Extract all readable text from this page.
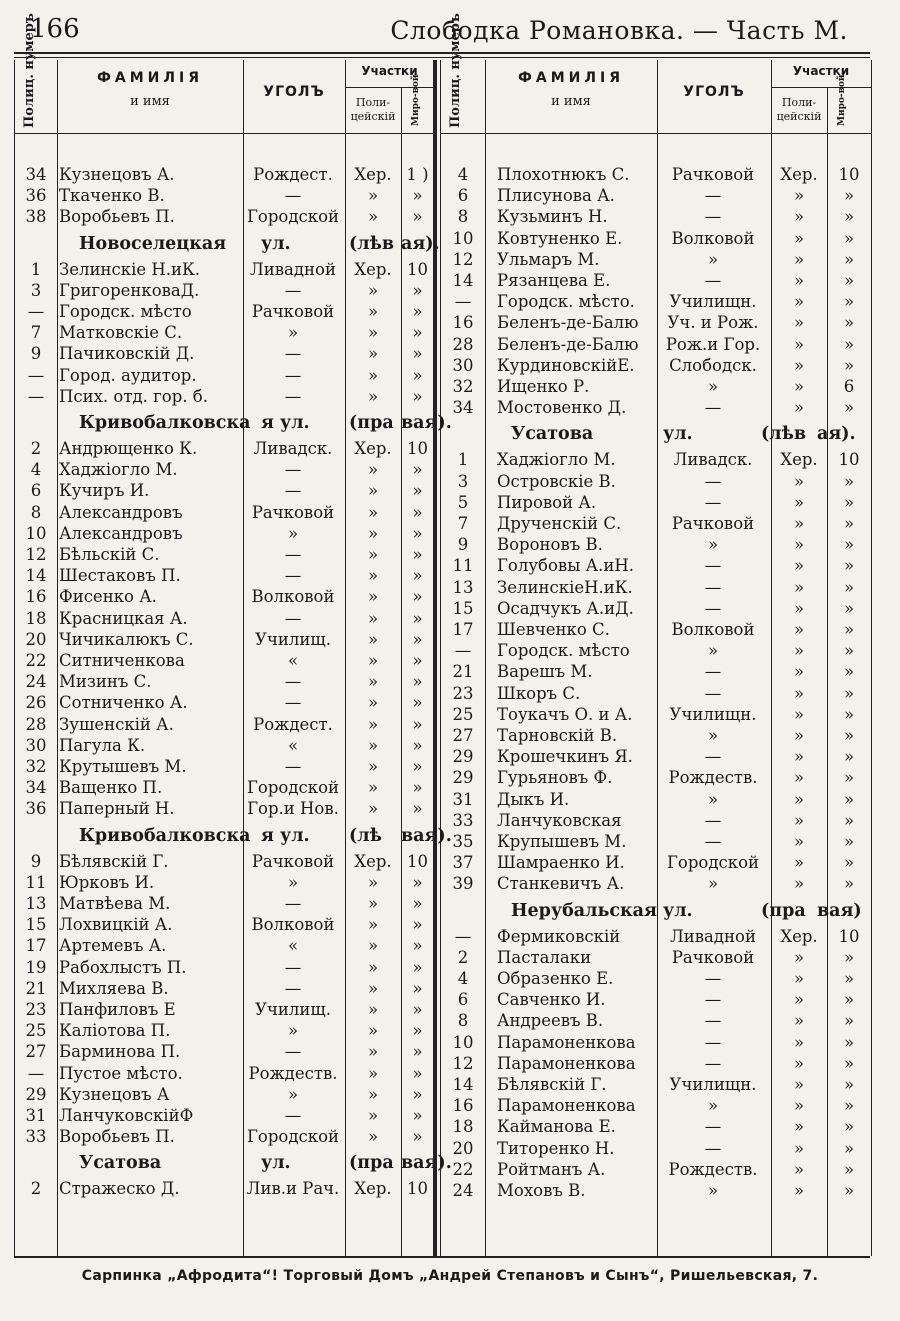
166	Слободка Романовка. — Часть М.
Полиц. нумеръ	ФАМИЛІЯ
и имя
УГОЛЪ
Участки
Поли-
цейскій	Миро-вой
34 Кузнецовъ А.	Рождест.	Хер. 1 )
36 Ткаченко В.	—	»	»
38 Воробьевъ П.	Городской	»	»
Новоселецкая ул.	(лѣв ая).
1	Зелинскіе Н.иК.	Ливадной	Хер. 10
3	ГригоренковаД.	—	»	»
— Городск. мѣсто	Рачковой	»	»
7	Матковскіе С.	»	»	»
9	Пачиковскій Д.	—	»	»
— Город. аудитор.	—	»	»
— Псих. отд. гор. б.	—	»	»
Кривобалковска я ул. (пра вая).
2	Андрющенко К.	Ливадск.	Хер. 10
4	Хаджіогло М.	—	»	»
6	Кучиръ И.	—	»	»
8	Александровъ	Рачковой	»	»
10 Александровъ	»	»	»
12 Бѣльскій С.	—	»	»
14 Шестаковъ П.	—	»	»
16 Фисенко А.	Волковой	»	»
18 Красницкая А.	—	»	»
20 Чичикалюкъ С.	Училищ.	»	»
22 Ситниченкова	«	»	»
24 Мизинъ С.	—	»	»
26 Сотниченко А.	—	»	»
28 Зушенскій А.	Рождест.	»	»
30 Пагула К.	«	»	»
32 Крутышевъ М.	—	»	»
34 Ващенко П.	Городской	»	»
36 Паперный Н.	Гор.и Нов.	»	»
Кривобалковска я ул. (лѣ вая).
9	Бѣлявскій Г.	Рачковой	Хер. 10
11 Юрковъ И.	»	»	»
13 Матвѣева М.	—	»	»
15 Лохвицкій А.	Волковой	»	»
17 Артемевъ А.	«	»	»
19 Рабохлыстъ П.	—	»	»
21 Михляева В.	—	»	»
23 Панфиловъ Е	Училищ.	»	»
25 Каліотова П.	»	»	»
27 Барминова П.	—	»	»
— Пустое мѣсто.	Рождеств.	»	»
29 Кузнецовъ А	»	»	»
31 ЛанчуковскійФ	—	»	»
33 Воробьевъ П.	Городской	»	»
Усатова	ул.	(пра вая).
2	Стражеско Д.	Лив.и Рач. Хер. 10
Полиц. нумеръ	ФАМИЛІЯ
и имя
УГОЛЪ
Участки
Поли-
цейскій	Миро-вой
4	Плохотнюкъ С.	Рачковой	Хер.	10
6	Плисунова А.	—	»	»
8	Кузьминъ Н.	—	»	»
10	Ковтуненко Е.	Волковой	»	»
12	Ульмаръ М.	»	»	»
14	Рязанцева Е.	—	»	»
—	Городск. мѣсто.	Училищн.	»	»
16	Беленъ-де-Балю	Уч. и Рож.	»	»
28	Беленъ-де-Балю	Рож.и Гор.	»	»
30	КурдиновскійЕ.	Слободск.	»	»
32	Ищенко Р.	»	»	6
34	Мостовенко Д.	—	»	»
Усатова	ул.	(лѣв ая).
1	Хаджіогло М.	Ливадск.	Хер.	10
3	Островскіе В.	—	»	»
5	Пировой А.	—	»	»
7	Друченскій С.	Рачковой	»	»
9	Вороновъ В.	»	»	»
11	Голубовы А.иН.	—	»	»
13	ЗелинскіеН.иК.	—	»	»
15	Осадчукъ А.иД.	—	»	»
17	Шевченко С.	Волковой	»	»
—	Городск. мѣсто	»	»	»
21	Варешъ М.	—	»	»
23	Шкоръ С.	—	»	»
25	Тоукачъ О. и А.	Училищн.	»	»
27	Тарновскій В.	»	»	»
29	Крошечкинъ Я.	—	»	»
29	Гурьяновъ Ф.	Рождеств.	»	»
31	Дыкъ И.	»	»	»
33	Ланчуковская	—	»	»
35	Крупышевъ М.	—	»	»
37	Шамраенко И.	Городской	»	»
39	Станкевичъ А.	»	»	»
Нерубальская ул.	(пра вая)
—	Фермиковскій	Ливадной	Хер.	10
2	Пасталаки	Рачковой	»	»
4	Образенко Е.	—	»	»
6	Савченко И.	—	»	»
8	Андреевъ В.	—	»	»
10	Парамоненкова	—	»	»
12	Парамоненкова	—	»	»
14	Бѣлявскій Г.	Училищн.	»	»
16	Парамоненкова	»	»	»
18	Кайманова Е.	—	»	»
20	Титоренко Н.	—	»	»
22	Ройтманъ А.	Рождеств.	»	»
24	Моховъ В.	»	»	»
Сарпинка „Афродита“! Торговый Домъ „Андрей Степановъ и Сынъ“, Ришельевская, 7.
